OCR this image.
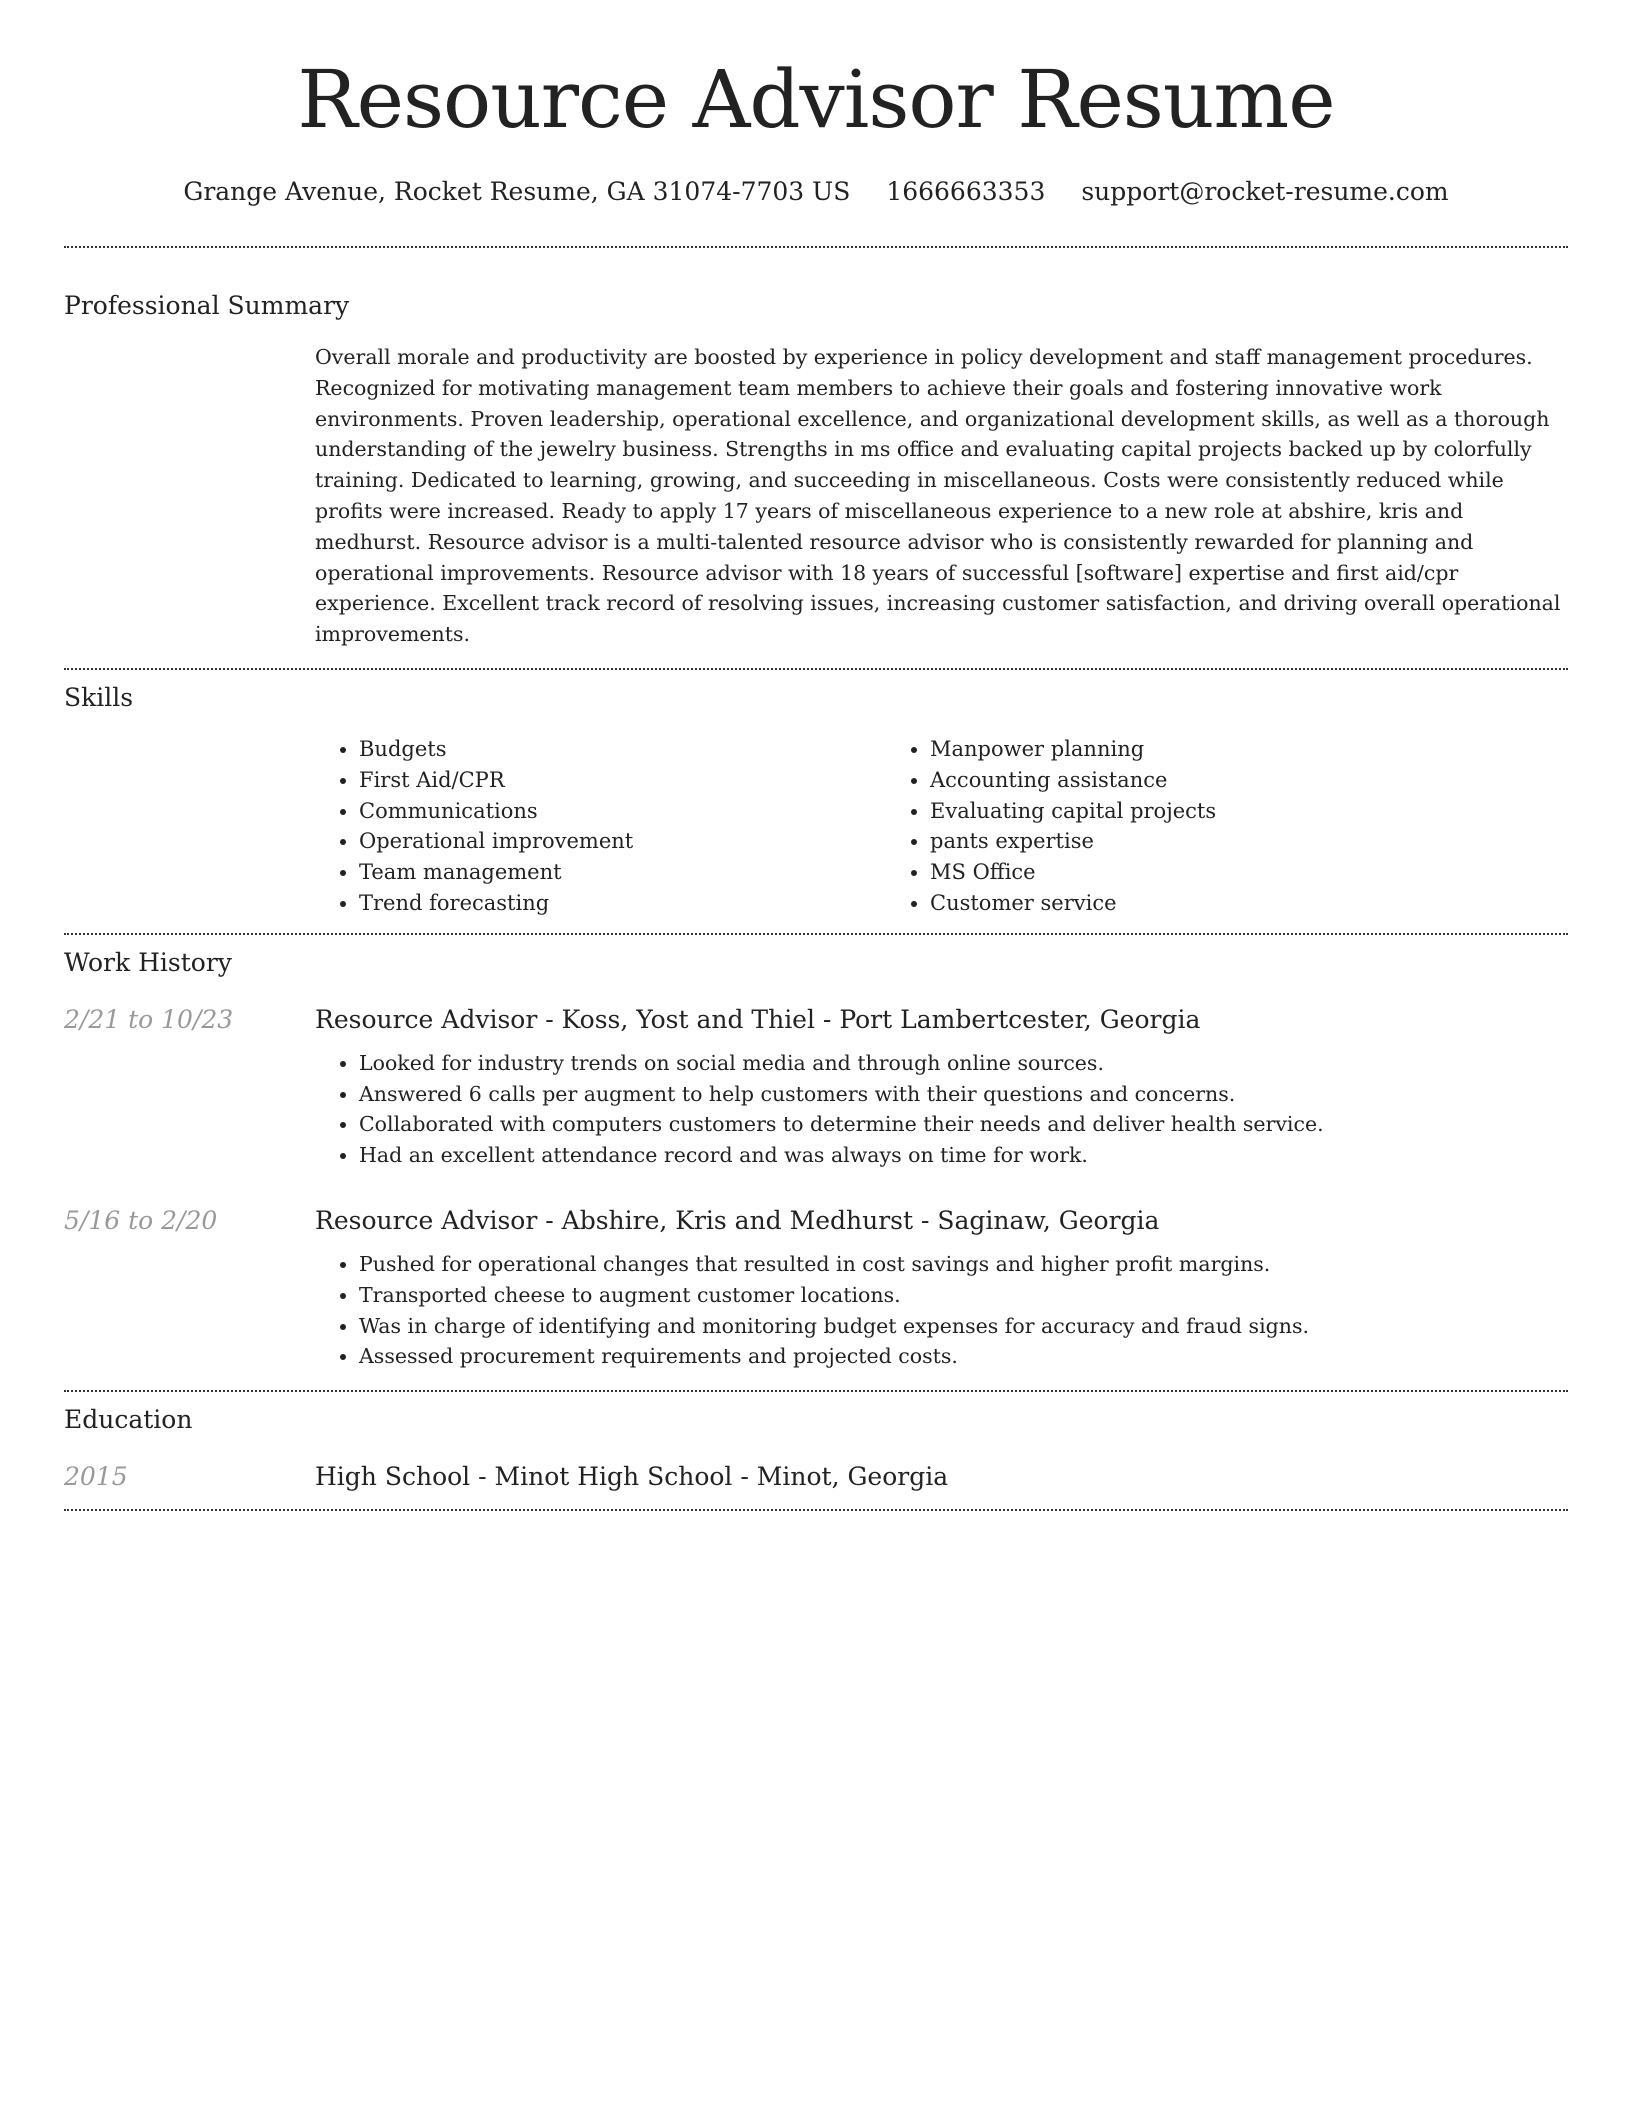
Resource Advisor Resume
Grange Avenue, Rocket Resume, GA 31074-7703 US 1666663353 support@rocket-resume.com
Professional Summary

Overall morale and productivity are boosted by experience in policy development and staff management procedures. Recognized for motivating management team members to achieve their goals and fostering innovative work environments. Proven leadership, operational excellence, and organizational development skills, as well as a thorough understanding of the jewelry business. Strengths in ms office and evaluating capital projects backed up by colorfully training. Dedicated to learning, growing, and succeeding in miscellaneous. Costs were consistently reduced while profits were increased. Ready to apply 17 years of miscellaneous experience to a new role at abshire, kris and medhurst. Resource advisor is a multi-talented resource advisor who is consistently rewarded for planning and operational improvements. Resource advisor with 18 years of successful [software] expertise and first aid/cpr experience. Excellent track record of resolving issues, increasing customer satisfaction, and driving overall operational improvements.

Skills
• Budgets
• First Aid/CPR
• Communications
• Operational improvement
• Team management
• Trend forecasting
• Manpower planning
• Accounting assistance
• Evaluating capital projects
• pants expertise
• MS Office
• Customer service
Work History
2/21 to 10/23	Resource Advisor - Koss, Yost and Thiel - Port Lambertcester, Georgia
• Looked for industry trends on social media and through online sources.
• Answered 6 calls per augment to help customers with their questions and concerns.
• Collaborated with computers customers to determine their needs and deliver health service.
• Had an excellent attendance record and was always on time for work.
5/16 to 2/20	Resource Advisor - Abshire, Kris and Medhurst - Saginaw, Georgia
• Pushed for operational changes that resulted in cost savings and higher profit margins.
• Transported cheese to augment customer locations.
• Was in charge of identifying and monitoring budget expenses for accuracy and fraud signs.
• Assessed procurement requirements and projected costs.
Education
2015	High School - Minot High School - Minot, Georgia
